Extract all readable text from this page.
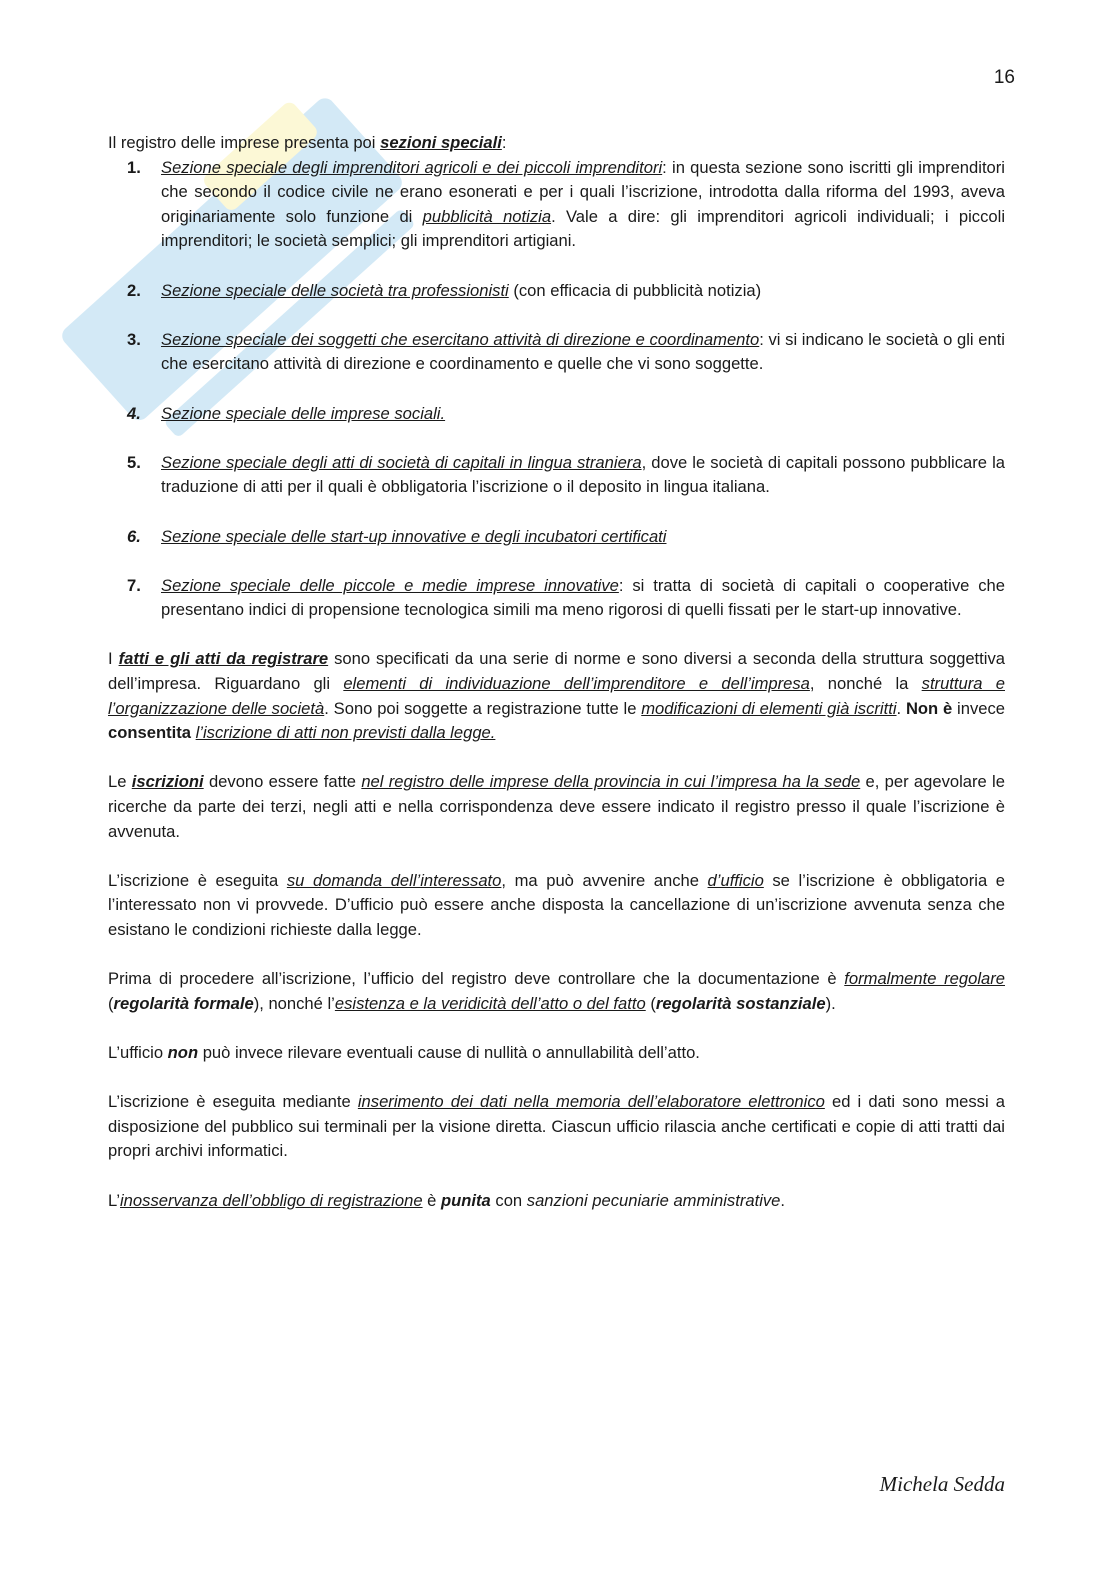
16

Il registro delle imprese presenta poi sezioni speciali:

1. Sezione speciale degli imprenditori agricoli e dei piccoli imprenditori: in questa sezione sono iscritti gli imprenditori che secondo il codice civile ne erano esonerati e per i quali l’iscrizione, introdotta dalla riforma del 1993, aveva originariamente solo funzione di pubblicità notizia. Vale a dire: gli imprenditori agricoli individuali; i piccoli imprenditori; le società semplici; gli imprenditori artigiani.
2. Sezione speciale delle società tra professionisti (con efficacia di pubblicità notizia)
3. Sezione speciale dei soggetti che esercitano attività di direzione e coordinamento: vi si indicano le società o gli enti che esercitano attività di direzione e coordinamento e quelle che vi sono soggette.
4. Sezione speciale delle imprese sociali.
5. Sezione speciale degli atti di società di capitali in lingua straniera, dove le società di capitali possono pubblicare la traduzione di atti per il quali è obbligatoria l’iscrizione o il deposito in lingua italiana.
6. Sezione speciale delle start-up innovative e degli incubatori certificati
7. Sezione speciale delle piccole e medie imprese innovative: si tratta di società di capitali o cooperative che presentano indici di propensione tecnologica simili ma meno rigorosi di quelli fissati per le start-up innovative.

I fatti e gli atti da registrare sono specificati da una serie di norme e sono diversi a seconda della struttura soggettiva dell’impresa. Riguardano gli elementi di individuazione dell’imprenditore e dell’impresa, nonché la struttura e l’organizzazione delle società. Sono poi soggette a registrazione tutte le modificazioni di elementi già iscritti. Non è invece consentita l’iscrizione di atti non previsti dalla legge.

Le iscrizioni devono essere fatte nel registro delle imprese della provincia in cui l’impresa ha la sede e, per agevolare le ricerche da parte dei terzi, negli atti e nella corrispondenza deve essere indicato il registro presso il quale l’iscrizione è avvenuta.

L’iscrizione è eseguita su domanda dell’interessato, ma può avvenire anche d’ufficio se l’iscrizione è obbligatoria e l’interessato non vi provvede. D’ufficio può essere anche disposta la cancellazione di un’iscrizione avvenuta senza che esistano le condizioni richieste dalla legge.

Prima di procedere all’iscrizione, l’ufficio del registro deve controllare che la documentazione è formalmente regolare (regolarità formale), nonché l’esistenza e la veridicità dell’atto o del fatto (regolarità sostanziale).

L’ufficio non può invece rilevare eventuali cause di nullità o annullabilità dell’atto.

L’iscrizione è eseguita mediante inserimento dei dati nella memoria dell’elaboratore elettronico ed i dati sono messi a disposizione del pubblico sui terminali per la visione diretta. Ciascun ufficio rilascia anche certificati e copie di atti tratti dai propri archivi informatici.

L’inosservanza dell’obbligo di registrazione è punita con sanzioni pecuniarie amministrative.

Michela Sedda
